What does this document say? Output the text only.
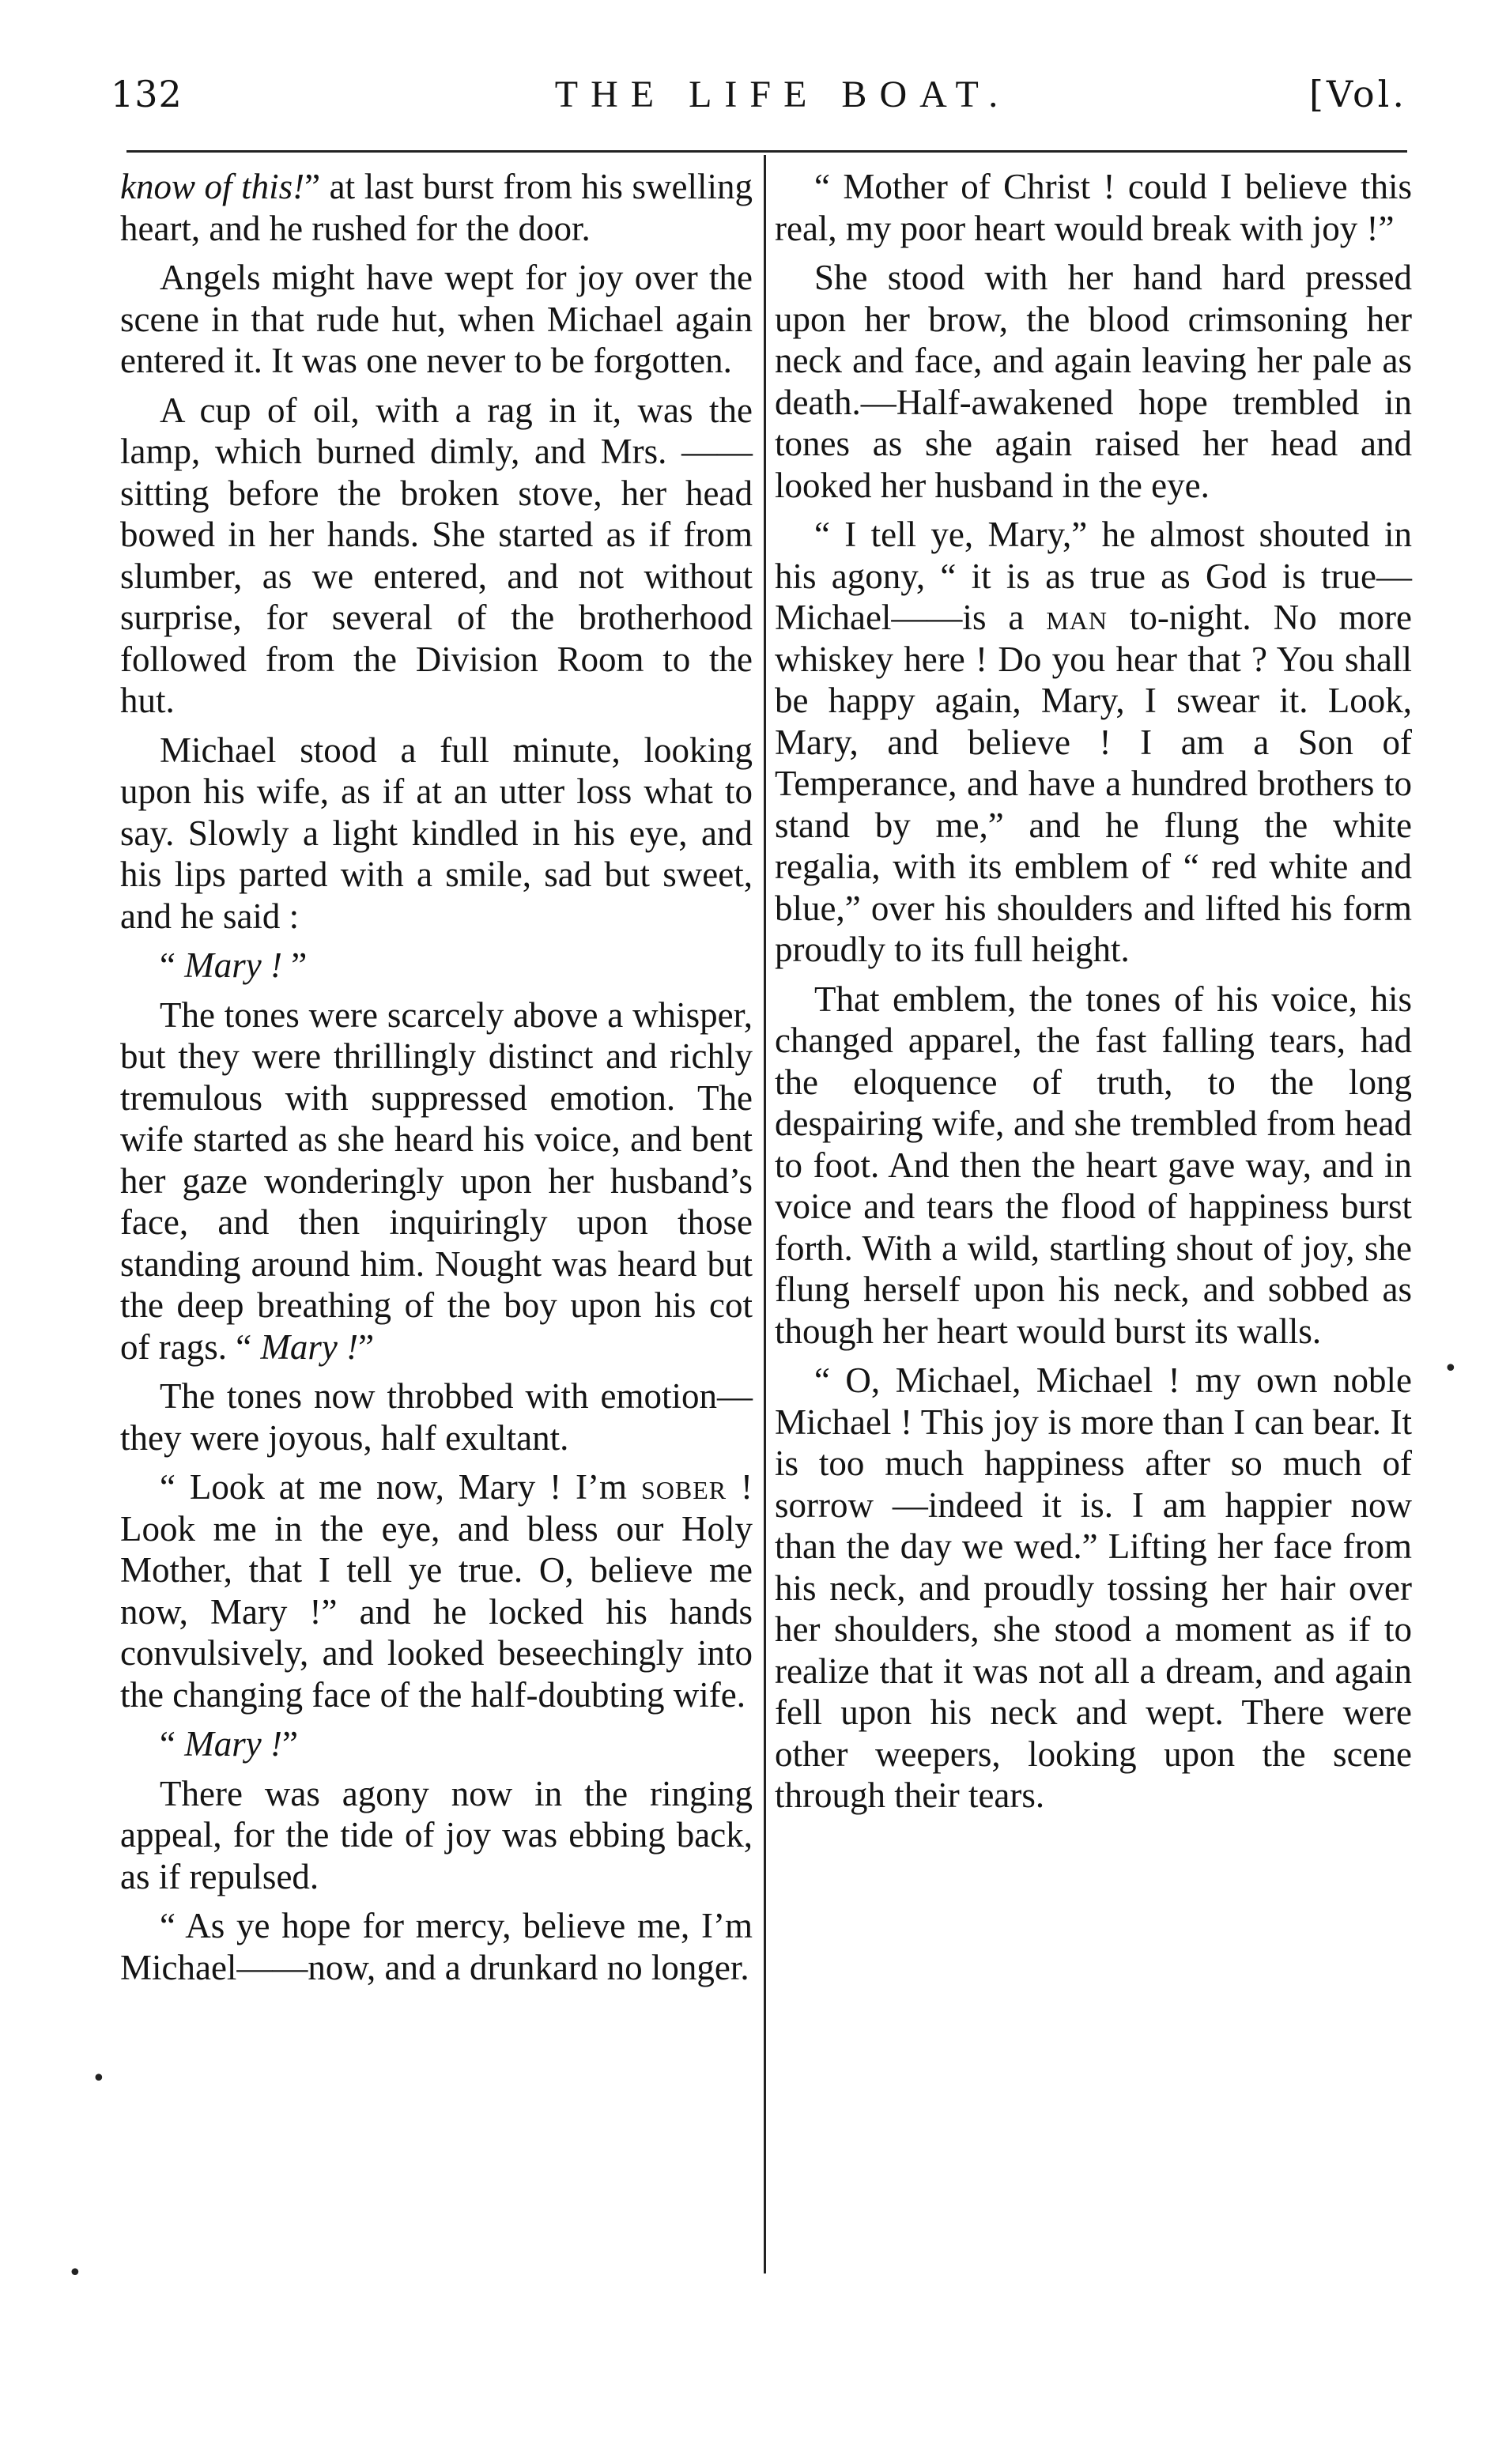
132	THE LIFE BOAT.	[Vol.

know of this!” at last burst from his swelling heart, and he rushed for the door.

Angels might have wept for joy over the scene in that rude hut, when Michael again entered it. It was one never to be forgotten.

A cup of oil, with a rag in it, was the lamp, which burned dimly, and Mrs. —— sitting before the broken stove, her head bowed in her hands. She started as if from slumber, as we entered, and not without surprise, for several of the brotherhood followed from the Division Room to the hut.

Michael stood a full minute, looking upon his wife, as if at an utter loss what to say. Slowly a light kindled in his eye, and his lips parted with a smile, sad but sweet, and he said :

“ Mary ! ”

The tones were scarcely above a whisper, but they were thrillingly distinct and richly tremulous with suppressed emotion. The wife started as she heard his voice, and bent her gaze wonderingly upon her husband’s face, and then inquiringly upon those standing around him. Nought was heard but the deep breathing of the boy upon his cot of rags. “ Mary !”

The tones now throbbed with emotion—they were joyous, half exultant.

“ Look at me now, Mary ! I’m sober ! Look me in the eye, and bless our Holy Mother, that I tell ye true. O, believe me now, Mary !” and he locked his hands convulsively, and looked beseechingly into the changing face of the half-doubting wife.

“ Mary !”

There was agony now in the ringing appeal, for the tide of joy was ebbing back, as if repulsed.

“ As ye hope for mercy, believe me, I’m Michael——now, and a drunkard no longer.

“ Mother of Christ ! could I believe this real, my poor heart would break with joy !”

She stood with her hand hard pressed upon her brow, the blood crimsoning her neck and face, and again leaving her pale as death.—Half-awakened hope trembled in tones as she again raised her head and looked her husband in the eye.

“ I tell ye, Mary,” he almost shouted in his agony, “ it is as true as God is true—Michael——is a man to-night. No more whiskey here ! Do you hear that ? You shall be happy again, Mary, I swear it. Look, Mary, and believe ! I am a Son of Temperance, and have a hundred brothers to stand by me,” and he flung the white regalia, with its emblem of “ red white and blue,” over his shoulders and lifted his form proudly to its full height.

That emblem, the tones of his voice, his changed apparel, the fast falling tears, had the eloquence of truth, to the long despairing wife, and she trembled from head to foot. And then the heart gave way, and in voice and tears the flood of happiness burst forth. With a wild, startling shout of joy, she flung herself upon his neck, and sobbed as though her heart would burst its walls.

“ O, Michael, Michael ! my own noble Michael ! This joy is more than I can bear. It is too much happiness after so much of sorrow —indeed it is. I am happier now than the day we wed.” Lifting her face from his neck, and proudly tossing her hair over her shoulders, she stood a moment as if to realize that it was not all a dream, and again fell upon his neck and wept. There were other weepers, looking upon the scene through their tears.

•
•
•
